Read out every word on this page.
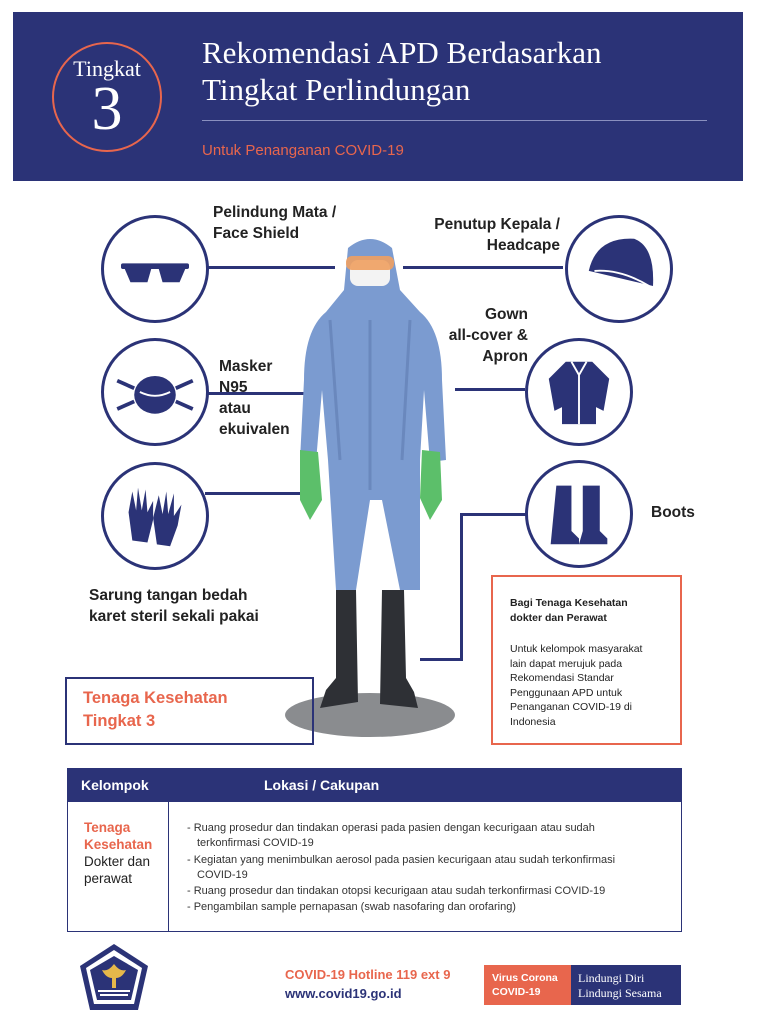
Tingkat
3
Rekomendasi APD Berdasarkan
Tingkat Perlindungan
Untuk Penanganan COVID-19
Pelindung Mata /
Face Shield
Masker
N95
atau
ekuivalen
Sarung tangan bedah
karet steril sekali pakai
Penutup Kepala /
Headcape
Gown
all-cover &
Apron
Boots
Tenaga Kesehatan
Tingkat 3
Bagi Tenaga Kesehatan
dokter dan Perawat
Untuk kelompok masyarakat
lain dapat merujuk pada
Rekomendasi Standar
Penggunaan APD untuk
Penanganan COVID-19 di
Indonesia
Kelompok	Lokasi / Cakupan
Tenaga
Kesehatan
Dokter dan
perawat
- Ruang prosedur dan tindakan operasi pada pasien dengan kecurigaan atau sudah
terkonfirmasi COVID-19
- Kegiatan yang menimbulkan aerosol pada pasien kecurigaan atau sudah terkonfirmasi
COVID-19
- Ruang prosedur dan tindakan otopsi kecurigaan atau sudah terkonfirmasi COVID-19
- Pengambilan sample pernapasan (swab nasofaring dan orofaring)
COVID-19 Hotline 119 ext 9
www.covid19.go.id
Virus Corona
COVID-19
Lindungi Diri
Lindungi Sesama
